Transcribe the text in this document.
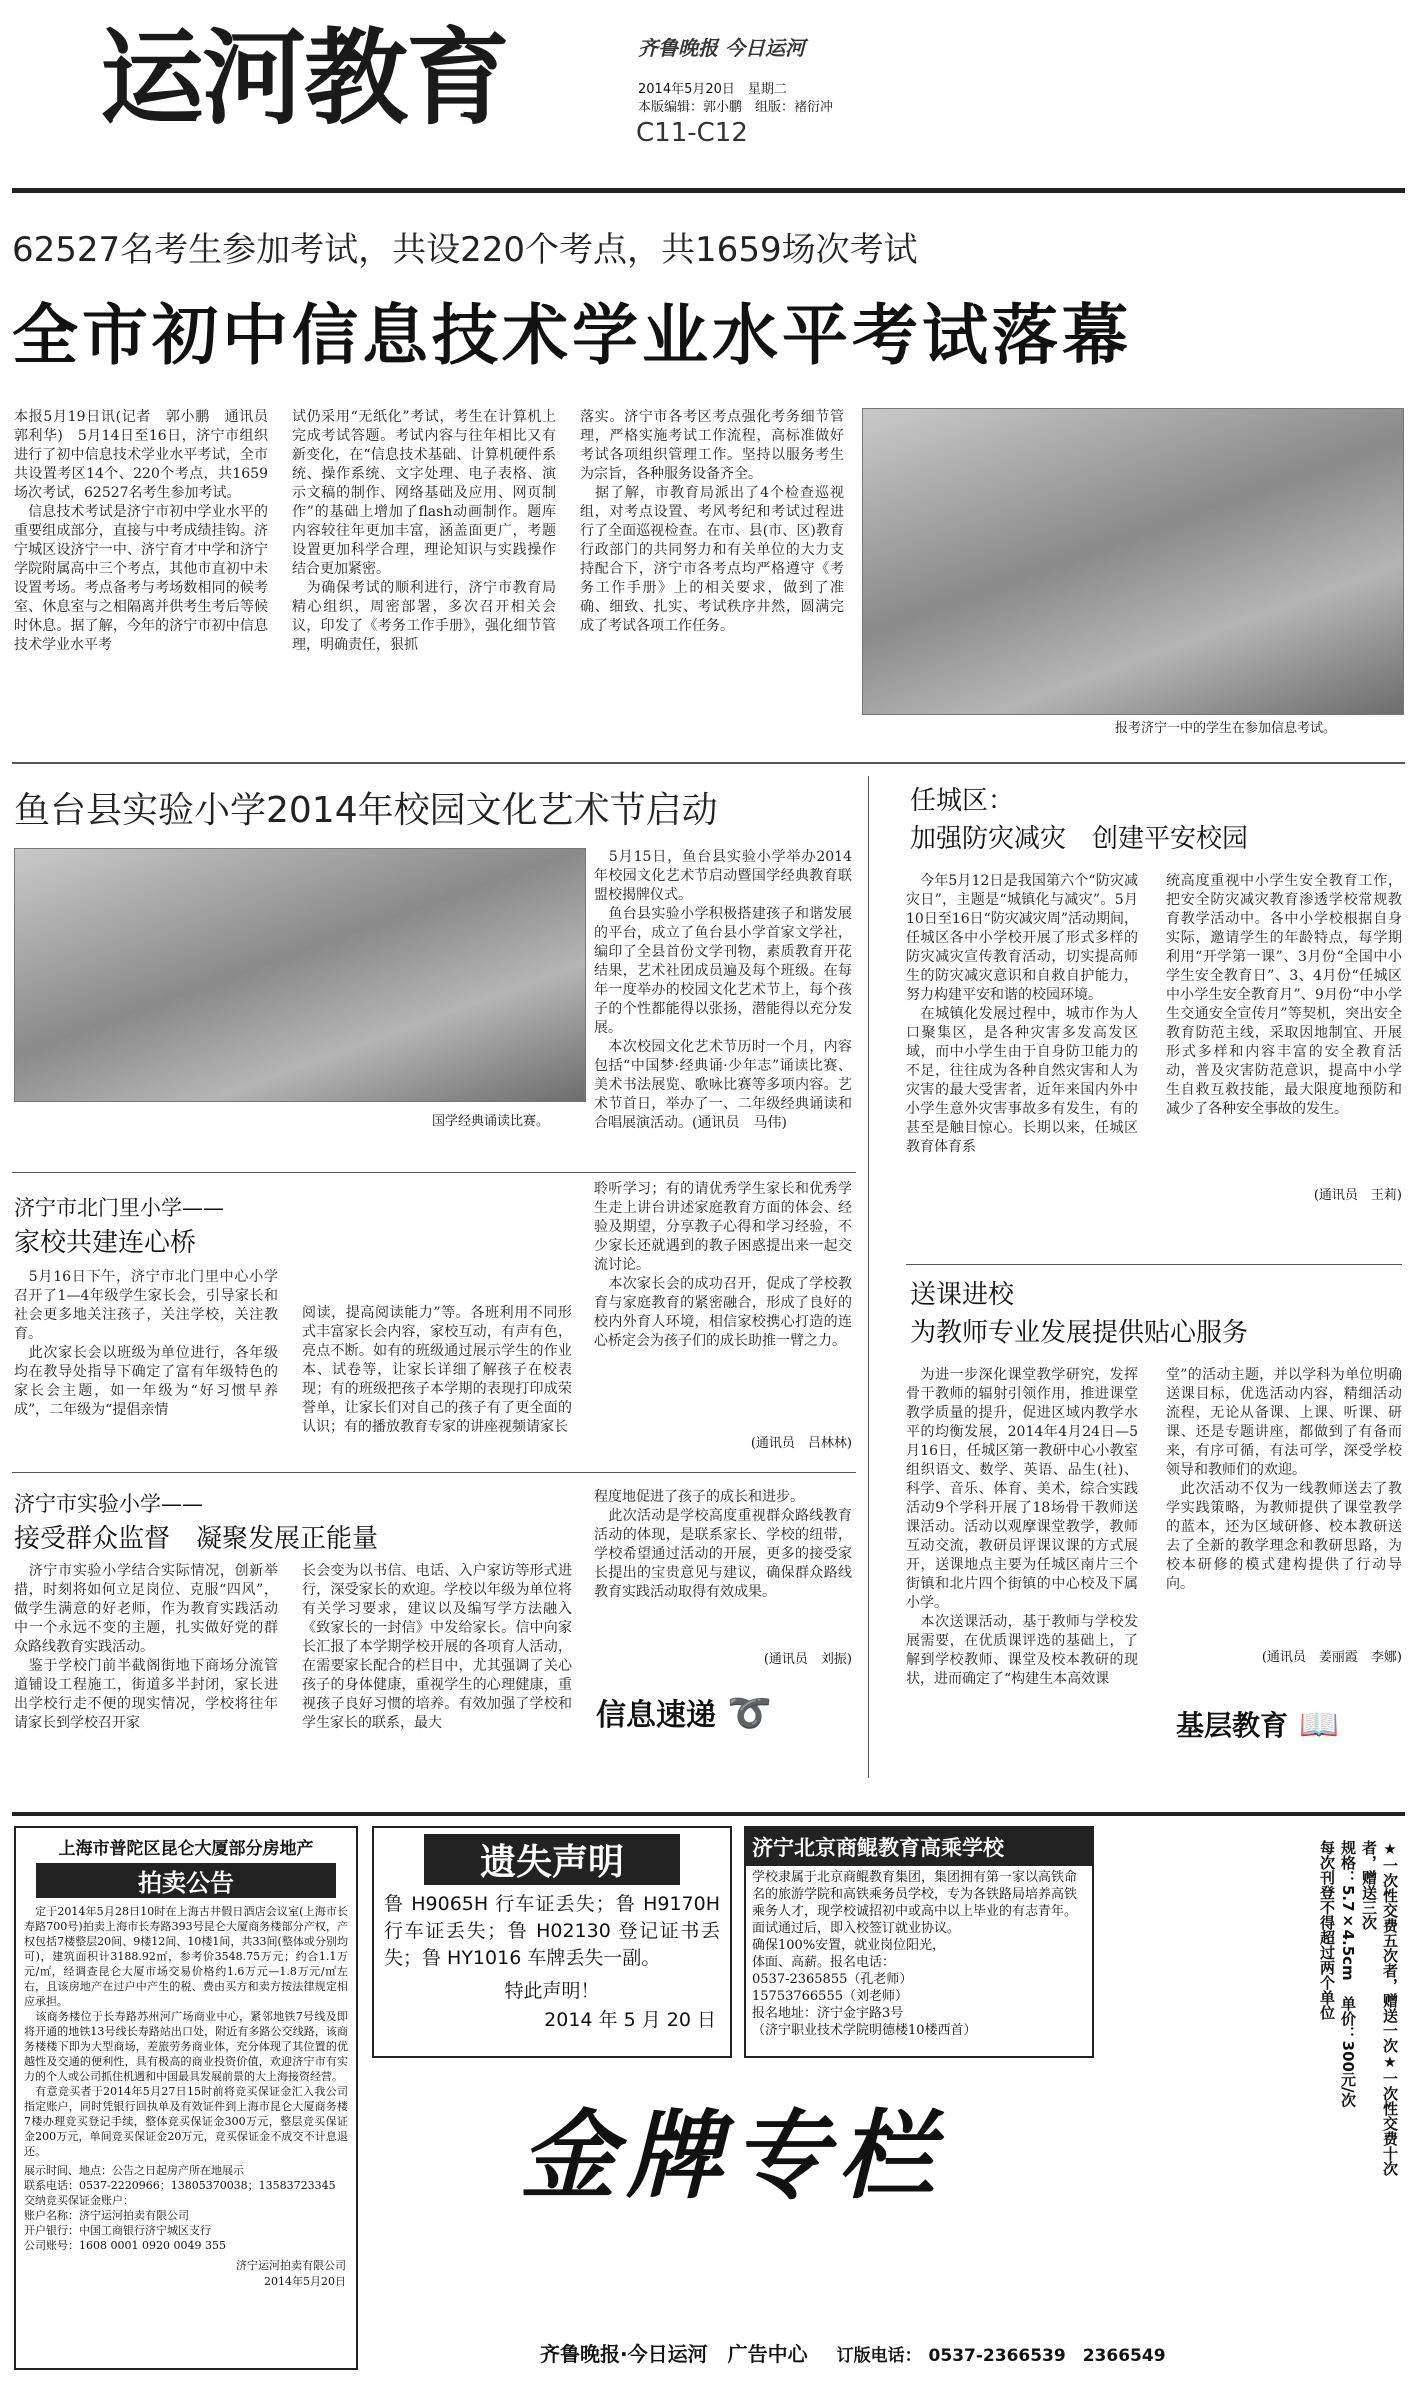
运河教育	齐鲁晚报 今日运河
2014年5月20日　星期二
本版编辑：郭小鹏　组版：褚衍冲
C11-C12
62527名考生参加考试，共设220个考点，共1659场次考试
全市初中信息技术学业水平考试落幕
本报5月19日讯(记者　郭小鹏　通讯员　郭利华)　5月14日至16日，济宁市组织进行了初中信息技术学业水平考试，全市共设置考区14个、220个考点，共1659场次考试，62527名考生参加考试。
　信息技术考试是济宁市初中学业水平的重要组成部分，直接与中考成绩挂钩。济宁城区设济宁一中、济宁育才中学和济宁学院附属高中三个考点，其他市直初中未设置考场。考点备考与考场数相同的候考室、休息室与之相隔离并供考生考后等候时休息。据了解，今年的济宁市初中信息技术学业水平考
试仍采用“无纸化”考试，考生在计算机上完成考试答题。考试内容与往年相比又有新变化，在“信息技术基础、计算机硬件系统、操作系统、文字处理、电子表格、演示文稿的制作、网络基础及应用、网页制作”的基础上增加了flash动画制作。题库内容较往年更加丰富，涵盖面更广，考题设置更加科学合理，理论知识与实践操作结合更加紧密。
　为确保考试的顺利进行，济宁市教育局精心组织，周密部署，多次召开相关会议，印发了《考务工作手册》，强化细节管理，明确责任，狠抓
落实。济宁市各考区考点强化考务细节管理，严格实施考试工作流程，高标准做好考试各项组织管理工作。坚持以服务考生为宗旨，各种服务设备齐全。
　据了解，市教育局派出了4个检查巡视组，对考点设置、考风考纪和考试过程进行了全面巡视检查。在市、县(市、区)教育行政部门的共同努力和有关单位的大力支持配合下，济宁市各考点均严格遵守《考务工作手册》上的相关要求，做到了准确、细致、扎实、考试秩序井然，圆满完成了考试各项工作任务。
报考济宁一中的学生在参加信息考试。
鱼台县实验小学2014年校园文化艺术节启动
　5月15日，鱼台县实验小学举办2014年校园文化艺术节启动暨国学经典教育联盟校揭牌仪式。
　鱼台县实验小学积极搭建孩子和谐发展的平台，成立了鱼台县小学首家文学社，编印了全县首份文学刊物，素质教育开花结果，艺术社团成员遍及每个班级。在每年一度举办的校园文化艺术节上，每个孩子的个性都能得以张扬，潜能得以充分发展。
　本次校园文化艺术节历时一个月，内容包括“中国梦·经典诵·少年志”诵读比赛、美术书法展览、歌咏比赛等多项内容。艺术节首日，举办了一、二年级经典诵读和合唱展演活动。(通讯员　马伟)
国学经典诵读比赛。
任城区：
加强防灾减灾　创建平安校园
　今年5月12日是我国第六个“防灾减灾日”，主题是“城镇化与减灾”。5月10日至16日“防灾减灾周”活动期间，任城区各中小学校开展了形式多样的防灾减灾宣传教育活动，切实提高师生的防灾减灾意识和自救自护能力，努力构建平安和谐的校园环境。
　在城镇化发展过程中，城市作为人口聚集区，是各种灾害多发高发区域，而中小学生由于自身防卫能力的不足，往往成为各种自然灾害和人为灾害的最大受害者，近年来国内外中小学生意外灾害事故多有发生，有的甚至是触目惊心。长期以来，任城区教育体育系
统高度重视中小学生安全教育工作，把安全防灾减灾教育渗透学校常规教育教学活动中。各中小学校根据自身实际，邀请学生的年龄特点，每学期利用“开学第一课”、3月份“全国中小学生安全教育日”、3、4月份“任城区中小学生安全教育月”、9月份“中小学生交通安全宣传月”等契机，突出安全教育防范主线，采取因地制宜、开展形式多样和内容丰富的安全教育活动，普及灾害防范意识，提高中小学生自救互救技能，最大限度地预防和减少了各种安全事故的发生。
(通讯员　王莉)
济宁市北门里小学——
家校共建连心桥
　5月16日下午，济宁市北门里中心小学召开了1—4年级学生家长会，引导家长和社会更多地关注孩子，关注学校，关注教育。
　此次家长会以班级为单位进行，各年级均在教导处指导下确定了富有年级特色的家长会主题，如一年级为“好习惯早养成”，二年级为“提倡亲情
阅读，提高阅读能力”等。各班利用不同形式丰富家长会内容，家校互动，有声有色，亮点不断。如有的班级通过展示学生的作业本、试卷等，让家长详细了解孩子在校表现；有的班级把孩子本学期的表现打印成荣誉单，让家长们对自己的孩子有了更全面的认识；有的播放教育专家的讲座视频请家长
聆听学习；有的请优秀学生家长和优秀学生走上讲台讲述家庭教育方面的体会、经验及期望，分享教子心得和学习经验，不少家长还就遇到的教子困惑提出来一起交流讨论。
　本次家长会的成功召开，促成了学校教育与家庭教育的紧密融合，形成了良好的校内外育人环境，相信家校携心打造的连心桥定会为孩子们的成长助推一臂之力。
(通讯员　吕林林)
送课进校
为教师专业发展提供贴心服务
　为进一步深化课堂教学研究，发挥骨干教师的辐射引领作用，推进课堂教学质量的提升，促进区域内教学水平的均衡发展，2014年4月24日—5月16日，任城区第一教研中心小教室组织语文、数学、英语、品生(社)、科学、音乐、体育、美术，综合实践活动9个学科开展了18场骨干教师送课活动。活动以观摩课堂教学，教师互动交流，教研员评课议课的方式展开，送课地点主要为任城区南片三个街镇和北片四个街镇的中心校及下属小学。
　本次送课活动，基于教师与学校发展需要，在优质课评选的基础上，了解到学校教师、课堂及校本教研的现状，进而确定了“构建生本高效课
堂”的活动主题，并以学科为单位明确送课目标，优选活动内容，精细活动流程，无论从备课、上课、听课、研课、还是专题讲座，都做到了有备而来，有序可循，有法可学，深受学校领导和教师们的欢迎。
　此次活动不仅为一线教师送去了教学实践策略，为教师提供了课堂教学的蓝本，还为区域研修、校本教研送去了全新的教学理念和教研思路，为校本研修的模式建构提供了行动导向。
(通讯员　姜丽霞　李娜)
济宁市实验小学——
接受群众监督　凝聚发展正能量
　济宁市实验小学结合实际情况，创新举措，时刻将如何立足岗位、克服“四风”，做学生满意的好老师，作为教育实践活动中一个永远不变的主题，扎实做好党的群众路线教育实践活动。
　鉴于学校门前半截阁街地下商场分流管道铺设工程施工，街道多半封闭，家长进出学校行走不便的现实情况，学校将往年请家长到学校召开家
长会变为以书信、电话、入户家访等形式进行，深受家长的欢迎。学校以年级为单位将有关学习要求，建议以及编写学方法融入《致家长的一封信》中发给家长。信中向家长汇报了本学期学校开展的各项育人活动，在需要家长配合的栏目中，尤其强调了关心孩子的身体健康，重视学生的心理健康，重视孩子良好习惯的培养。有效加强了学校和学生家长的联系，最大
程度地促进了孩子的成长和进步。
　此次活动是学校高度重视群众路线教育活动的体现，是联系家长、学校的纽带，学校希望通过活动的开展，更多的接受家长提出的宝贵意见与建议，确保群众路线教育实践活动取得有效成果。
(通讯员　刘振)
信息速递 ➰	基层教育 📖
上海市普陀区昆仑大厦部分房地产
拍卖公告
　定于2014年5月28日10时在上海古井假日酒店会议室(上海市长寿路700号)拍卖上海市长寿路393号昆仑大厦商务楼部分产权，产权包括7楼整层20间、9楼12间、10楼1间，共33间(整体或分别均可)，建筑面积计3188.92㎡，参考价3548.75万元；约合1.1万元/㎡，经调查昆仑大厦市场交易价格约1.6万元—1.8万元/㎡左右，且该房地产在过户中产生的税、费由买方和卖方按法律规定相应承担。
　该商务楼位于长寿路苏州河广场商业中心，紧邻地铁7号线及即将开通的地铁13号线长寿路站出口处，附近有多路公交线路，该商务楼楼下即为大型商场，差旅劳务商业体，充分体现了其位置的优越性及交通的便利性，具有极高的商业投资价值，欢迎济宁市有实力的个人或公司抓住机遇和中国最具发展前景的大上海接资经营。
　有意竞买者于2014年5月27日15时前将竞买保证金汇入我公司指定账户，同时凭银行回执单及有效证件到上海市昆仑大厦商务楼7楼办理竞买登记手续，整体竞买保证金300万元，整层竞买保证金200万元，单间竞买保证金20万元，竞买保证金不成交不计息退还。
展示时间、地点：公告之日起房产所在地展示
联系电话：0537-2220966；13805370038；13583723345
交纳竞买保证金账户：
账户名称：济宁运河拍卖有限公司
开户银行：中国工商银行济宁城区支行
公司账号：1608 0001 0920 0049 355
济宁运河拍卖有限公司
2014年5月20日
遗失声明
鲁 H9065H 行车证丢失；鲁 H9170H 行车证丢失；鲁 H02130 登记证书丢失；鲁 HY1016 车牌丢失一副。
特此声明！
2014 年 5 月 20 日
济宁北京商鲲教育高乘学校
学校隶属于北京商鲲教育集团，集团拥有第一家以高铁命名的旅游学院和高铁乘务员学校，专为各铁路局培养高铁乘务人才，现学校诚招初中或高中以上毕业的有志青年。
面试通过后，即入校签订就业协议。
确保100%安置，就业岗位阳光，
体面、高薪。报名电话：
0537-2365855（孔老师）
15753766555（刘老师）
报名地址：济宁金宇路3号
（济宁职业技术学院明德楼10楼西首）	★一次性交费五次者，赠送一次★一次性交费十次者，赠送三次
规格：5.7×4.5cm　单价：300元/次
每次刊登不得超过两个单位
金牌专栏
齐鲁晚报·今日运河　广告中心 订版电话： 0537-2366539　2366549
